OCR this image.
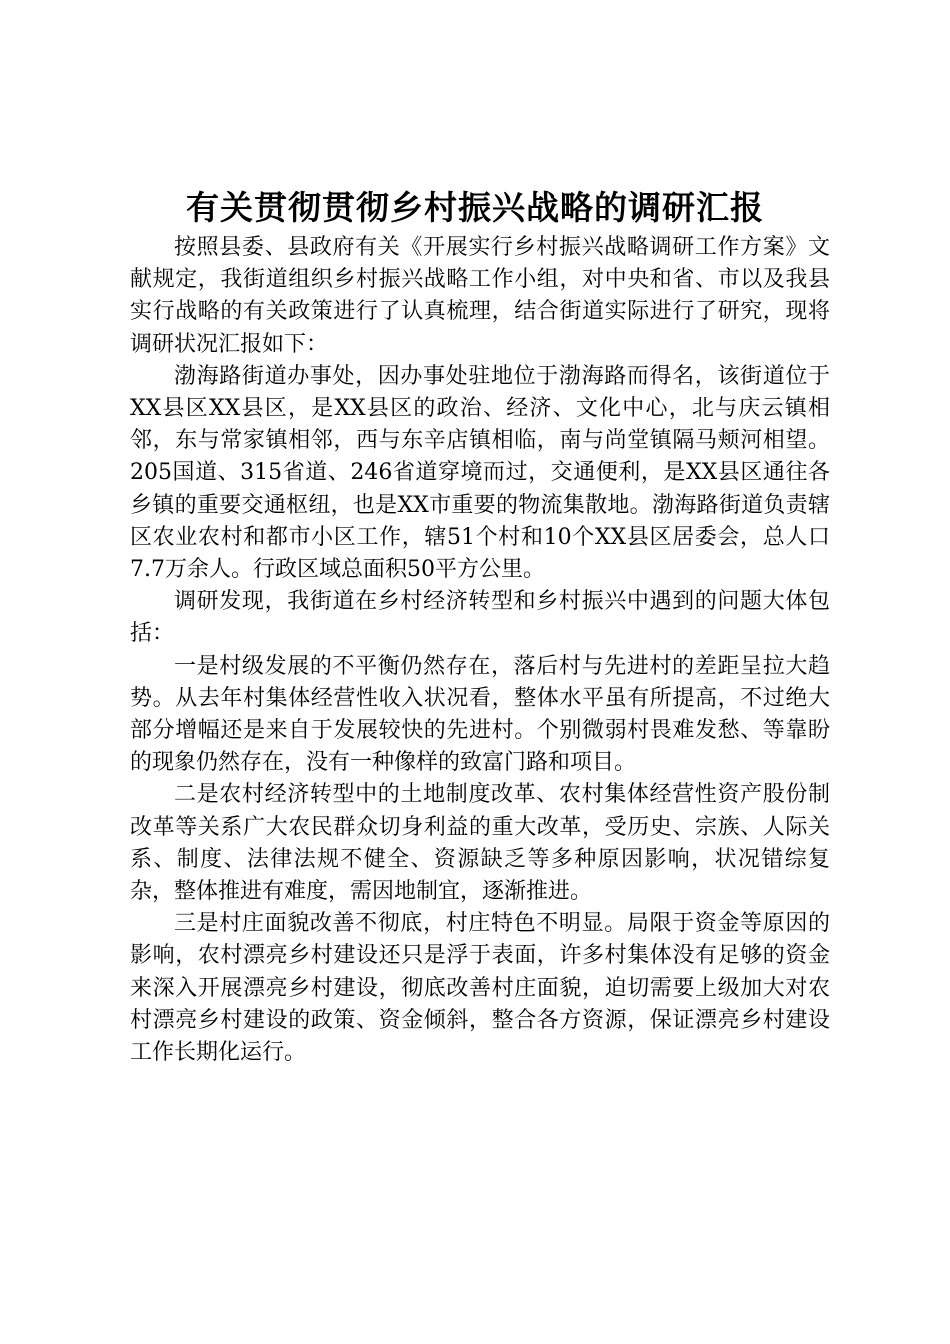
有关贯彻贯彻乡村振兴战略的调研汇报

按照县委、县政府有关《开展实行乡村振兴战略调研工作方案》文献规定，我街道组织乡村振兴战略工作小组，对中央和省、市以及我县实行战略的有关政策进行了认真梳理，结合街道实际进行了研究，现将调研状况汇报如下：

渤海路街道办事处，因办事处驻地位于渤海路而得名，该街道位于XX县区XX县区，是XX县区的政治、经济、文化中心，北与庆云镇相邻，东与常家镇相邻，西与东辛店镇相临，南与尚堂镇隔马颊河相望。205国道、315省道、246省道穿境而过，交通便利，是XX县区通往各乡镇的重要交通枢纽，也是XX市重要的物流集散地。渤海路街道负责辖区农业农村和都市小区工作，辖51个村和10个XX县区居委会，总人口7.7万余人。行政区域总面积50平方公里。

调研发现，我街道在乡村经济转型和乡村振兴中遇到的问题大体包括：

一是村级发展的不平衡仍然存在，落后村与先进村的差距呈拉大趋势。从去年村集体经营性收入状况看，整体水平虽有所提高，不过绝大部分增幅还是来自于发展较快的先进村。个别微弱村畏难发愁、等靠盼的现象仍然存在，没有一种像样的致富门路和项目。

二是农村经济转型中的土地制度改革、农村集体经营性资产股份制改革等关系广大农民群众切身利益的重大改革，受历史、宗族、人际关系、制度、法律法规不健全、资源缺乏等多种原因影响，状况错综复杂，整体推进有难度，需因地制宜，逐渐推进。

三是村庄面貌改善不彻底，村庄特色不明显。局限于资金等原因的影响，农村漂亮乡村建设还只是浮于表面，许多村集体没有足够的资金来深入开展漂亮乡村建设，彻底改善村庄面貌，迫切需要上级加大对农村漂亮乡村建设的政策、资金倾斜，整合各方资源，保证漂亮乡村建设工作长期化运行。
